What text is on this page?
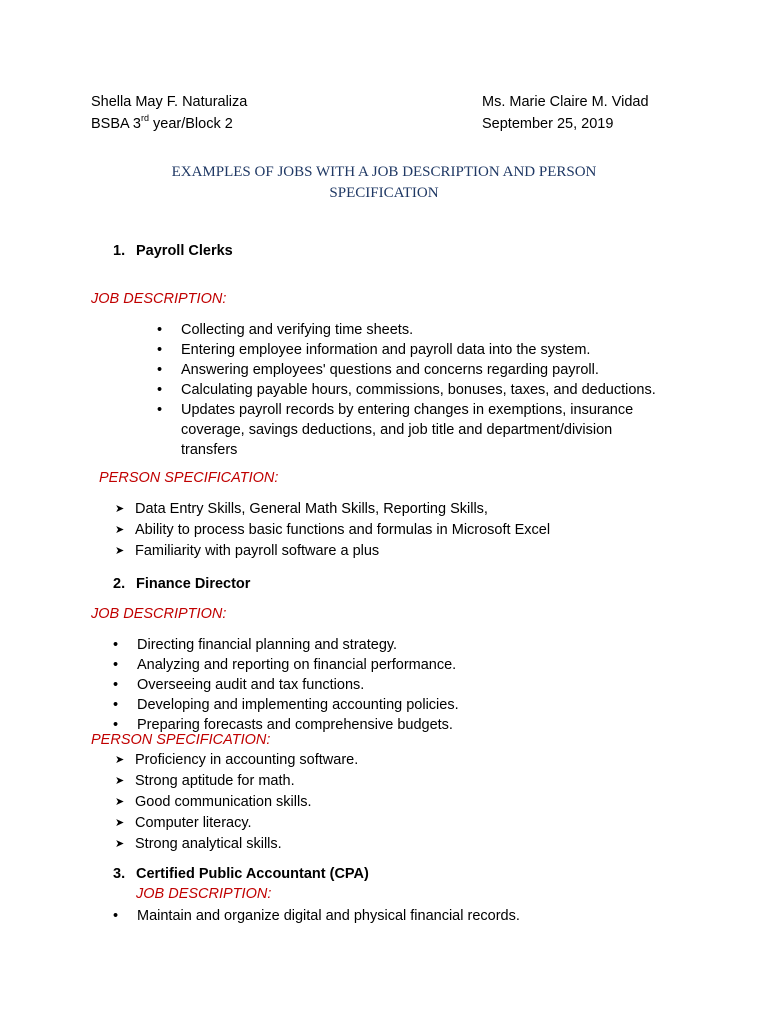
Shella May F. Naturaliza
BSBA 3rd year/Block 2
Ms. Marie Claire M. Vidad
September 25, 2019
EXAMPLES OF JOBS WITH A JOB DESCRIPTION AND PERSON
SPECIFICATION
1. Payroll Clerks
JOB DESCRIPTION:
• Collecting and verifying time sheets.
• Entering employee information and payroll data into the system.
• Answering employees' questions and concerns regarding payroll.
• Calculating payable hours, commissions, bonuses, taxes, and deductions.
• Updates payroll records by entering changes in exemptions, insurance
coverage, savings deductions, and job title and department/division
transfers
PERSON SPECIFICATION:
➤ Data Entry Skills, General Math Skills, Reporting Skills,
➤ Ability to process basic functions and formulas in Microsoft Excel
➤ Familiarity with payroll software a plus
2. Finance Director
JOB DESCRIPTION:
• Directing financial planning and strategy.
• Analyzing and reporting on financial performance.
• Overseeing audit and tax functions.
• Developing and implementing accounting policies.
• Preparing forecasts and comprehensive budgets.
PERSON SPECIFICATION:
➤ Proficiency in accounting software.
➤ Strong aptitude for math.
➤ Good communication skills.
➤ Computer literacy.
➤ Strong analytical skills.
3. Certified Public Accountant (CPA)
JOB DESCRIPTION:
• Maintain and organize digital and physical financial records.
